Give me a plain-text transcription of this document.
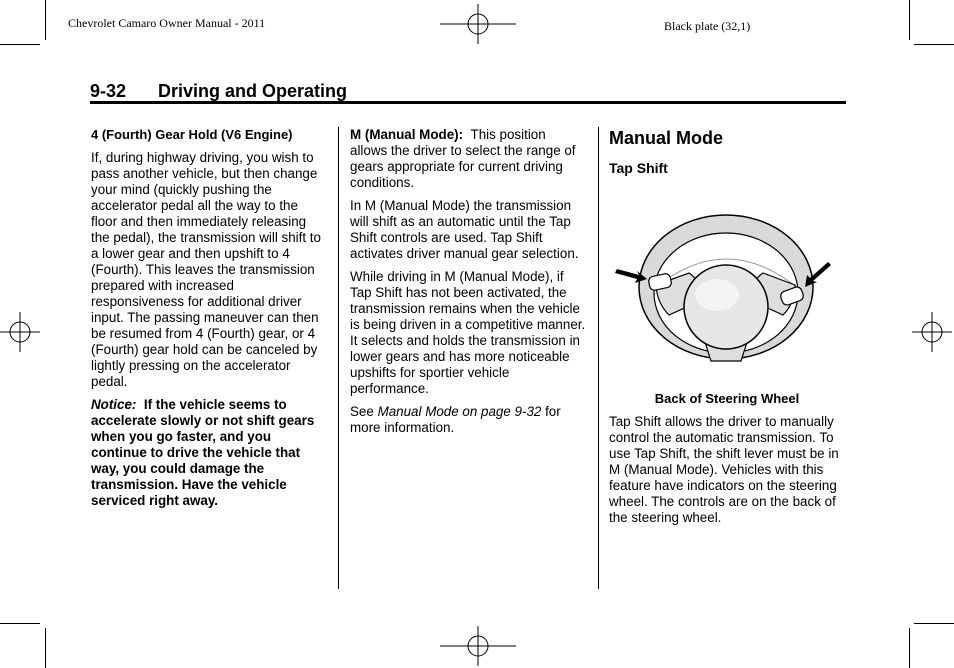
Chevrolet Camaro Owner Manual - 2011	Black plate (32,1)
9-32 Driving and Operating

4 (Fourth) Gear Hold (V6 Engine)

If, during highway driving, you wish to pass another vehicle, but then change your mind (quickly pushing the accelerator pedal all the way to the floor and then immediately releasing the pedal), the transmission will shift to a lower gear and then upshift to 4 (Fourth). This leaves the transmission prepared with increased responsiveness for additional driver input. The passing maneuver can then be resumed from 4 (Fourth) gear, or 4 (Fourth) gear hold can be canceled by lightly pressing on the accelerator pedal.

Notice: If the vehicle seems to accelerate slowly or not shift gears when you go faster, and you continue to drive the vehicle that way, you could damage the transmission. Have the vehicle serviced right away.

M (Manual Mode): This position allows the driver to select the range of gears appropriate for current driving conditions.

In M (Manual Mode) the transmission will shift as an automatic until the Tap Shift controls are used. Tap Shift activates driver manual gear selection.

While driving in M (Manual Mode), if Tap Shift has not been activated, the transmission remains when the vehicle is being driven in a competitive manner. It selects and holds the transmission in lower gears and has more noticeable upshifts for sportier vehicle performance.

See Manual Mode on page 9-32 for more information.

Manual Mode
Tap Shift

Back of Steering Wheel

Tap Shift allows the driver to manually control the automatic transmission. To use Tap Shift, the shift lever must be in M (Manual Mode). Vehicles with this feature have indicators on the steering wheel. The controls are on the back of the steering wheel.
